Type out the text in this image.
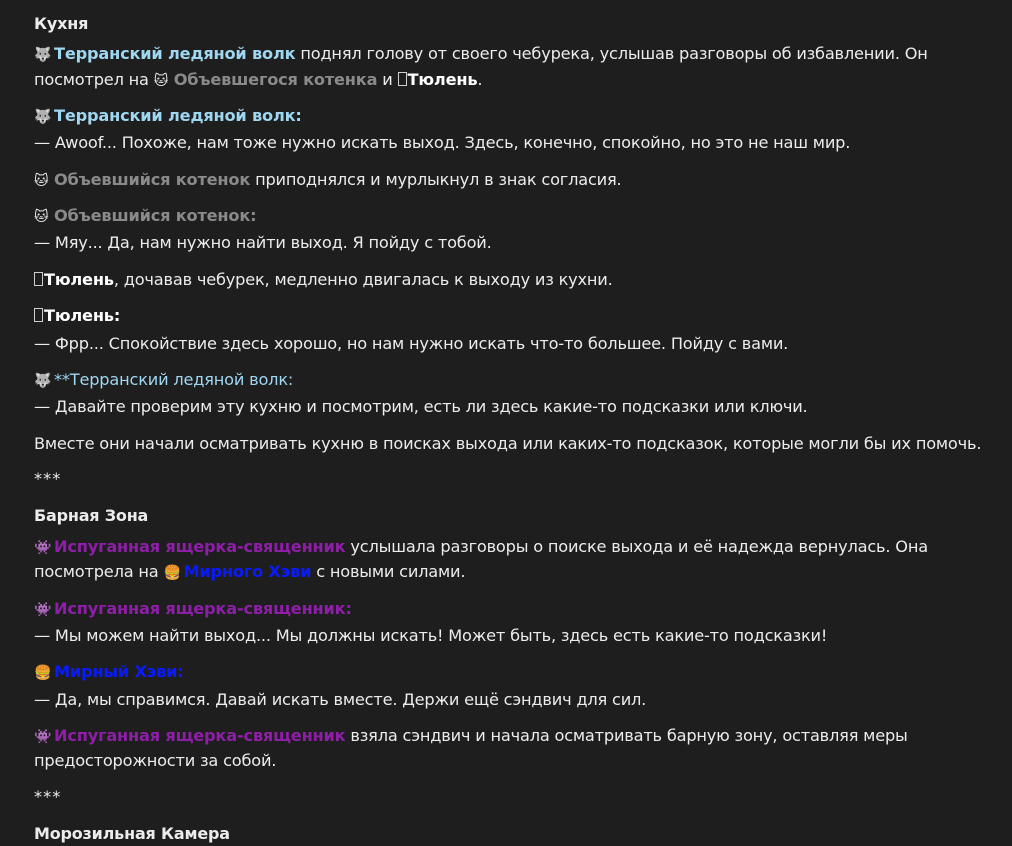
Кухня
🐺 Терранский ледяной волк поднял голову от своего чебурека, услышав разговоры об избавлении. Он
посмотрел на 🐱 Объевшегося котенка и Тюлень.
🐺 Терранский ледяной волк:
— Awoof... Похоже, нам тоже нужно искать выход. Здесь, конечно, спокойно, но это не наш мир.
🐱 Объевшийся котенок приподнялся и мурлыкнул в знак согласия.
🐱 Объевшийся котенок:
— Мяу... Да, нам нужно найти выход. Я пойду с тобой.
Тюлень, дочавав чебурек, медленно двигалась к выходу из кухни.
Тюлень:
— Фрр... Спокойствие здесь хорошо, но нам нужно искать что-то большее. Пойду с вами.
🐺 **Терранский ледяной волк:
— Давайте проверим эту кухню и посмотрим, есть ли здесь какие-то подсказки или ключи.
Вместе они начали осматривать кухню в поисках выхода или каких-то подсказок, которые могли бы их помочь.
***
Барная Зона
👾 Испуганная ящерка-священник услышала разговоры о поиске выхода и её надежда вернулась. Она
посмотрела на 🍔 Мирного Хэви с новыми силами.
👾 Испуганная ящерка-священник:
— Мы можем найти выход... Мы должны искать! Может быть, здесь есть какие-то подсказки!
🍔 Мирный Хэви:
— Да, мы справимся. Давай искать вместе. Держи ещё сэндвич для сил.
👾 Испуганная ящерка-священник взяла сэндвич и начала осматривать барную зону, оставляя меры
предосторожности за собой.
***
Морозильная Камера
